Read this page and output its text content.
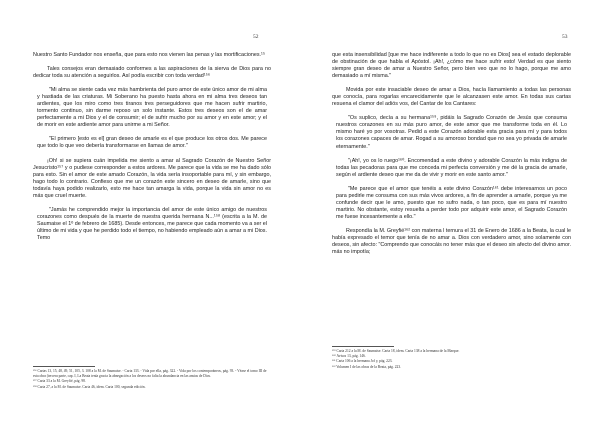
52

Nuestro Santo Fundador nos enseña, que para esto nos vienen las penas y las mortificaciones.¹⁵

Tales consejos eran demasiado conformes a las aspiraciones de la sierva de Dios para no dedicar toda su atención a seguirlos. Así podía escribir con toda verdad¹⁵⁶

"Mi alma se siente cada vez más hambrienta del puro amor de este único amor de mi alma y hastiada de las criaturas. Mi Soberano ha puesto hasta ahora en mi alma tres deseos tan ardientes, que los miro como tres tiranos tres perseguidores que me hacen sufrir martirio, tormento continuo, sin darme reposo un solo instante. Estos tres deseos son el de amar perfectamente a mi Dios y el de consumir; el de sufrir mucho por su amor y en este amor; y el de morir en este ardiente amor para unirme a mi Señor.

"El primero [esto es el] gran deseo de amarle es el que produce los otros dos. Me parece que todo lo que veo debería transformarse en llamas de amor."

¡Oh! si se supiera cuán impelida me siento a amar al Sagrado Corazón de Nuestro Señor Jesucristo¹⁵⁷ y o pudiese corresponder a estos ardores. Me parece que la vida se me ha dado sólo para esto. Sin el amor de este amado Corazón, la vida sería insoportable para mí, y sin embargo, hago todo lo contrario. Confieso que me un corazón este sincero en deseo de amarle, sino que todavía haya podido realizarlo, esto me hace tan amarga la vida, porque la vida sin amor no es más que cruel muerte.

"Jamás he comprendido mejor la importancia del amor de este único amigo de nuestros corazones como después de la muerte de nuestra querida hermana N...¹⁵⁸ (escrita a la M. de Saumaise el 1º de febrero de 1685). Desde entonces, me parece que cada momento va a ser el último de mi vida y que he perdido todo el tiempo, no habiendo empleado aún a amar a mi Dios. Temo

¹⁵⁶ Cartas 13, 15, 48, 49, 51, 105, 3. 108 a la M. de Saumaise. - Carta 133. - Vida por ella, pág. 322. - Vida por los contemporáneos, pág. 93. - Véase el tomo III de esta obra (tercera parte, cap. I, La Beata tenía gracia la abnegación a los deseos no falta la abundancia en las ansias de Dios.

¹⁵⁷ Carta 33 a la M. Greyfié, pág. 98.

¹⁵⁸ Carta 27, a la M. de Saumaise. Carta 46, idem. Carta 100, segunda edición.

53

que esta insensibilidad [que me hace indiferente a todo lo que no es Dios] sea el estado deplorable de obstinación de que habla el Apóstol. ¡Ah!, ¿cómo me hace sufrir esto! Verdad es que siento siempre gran deseo de amar a Nuestro Señor, pero bien veo que no lo hago, porque me amo demasiado a mí misma."

Movida por este insaciable deseo de amar a Dios, hacía llamamiento a todas las personas que conocía, para rogarlas encarecidamente que le alcanzasen este amor. En todas sus cartas resuena el clamor del adiós vos, del Cantar de los Cantares:

"Os suplico, decía a su hermana¹⁵⁹, pidáis la Sagrado Corazón de Jesús que consuma nuestros corazones en su más puro amor, de este amor que me transforme toda en él. Lo mismo haré yo por vosotras. Pedid a este Corazón adorable esta gracia para mí y para todos los corazones capaces de amar. Rogad a su amoroso bondad que no sea yo privada de amarle eternamente."

"¡Ah!, yo os lo ruego¹⁶⁰. Encomendad a este divino y adorable Corazón la más indigna de todas las pecadoras para que me conceda mi perfecta conversión y me dé la gracia de amarle, según el ardiente deseo que me da de vivir y morir en este santo amor."

"Me parece que el amor que tenéis a este divino Corazón¹⁶¹ debe interesarnos un poco para pedirle me consuma con sus más vivos ardores, a fin de aprender a amarle, porque ya me confunde decir que le amo, puesto que no sufro nada, o tan poco, que es para mí nuestro martirio. No obstante, estoy resuelta a perder todo por adquirir este amor, el Sagrado Corazón me fuese incesantemente a ello."

Respondía la M. Greyfié¹⁶² con materna l ternura el 31 de Enero de 1686 a la Beata, la cual le había expresado el temor que tenía de no amar a. Dios con verdadero amor, sino solamente con deseos, sin afecto: "Comprendo que conocáis no tener más que el deseo sin afecto del divino amor. más no impotía;

¹⁵⁹ Carta 212 a la M. de Saumaise. Carta 18, idem. Carta 138 a la hermana de la Marque.

¹⁶⁰ Avisos 13, pág. 146.

¹⁶¹ Carta 106 a la hermana Jof y, pág. 223.

¹⁶² Volumen I de las obras de la Beata, pág. 223.
